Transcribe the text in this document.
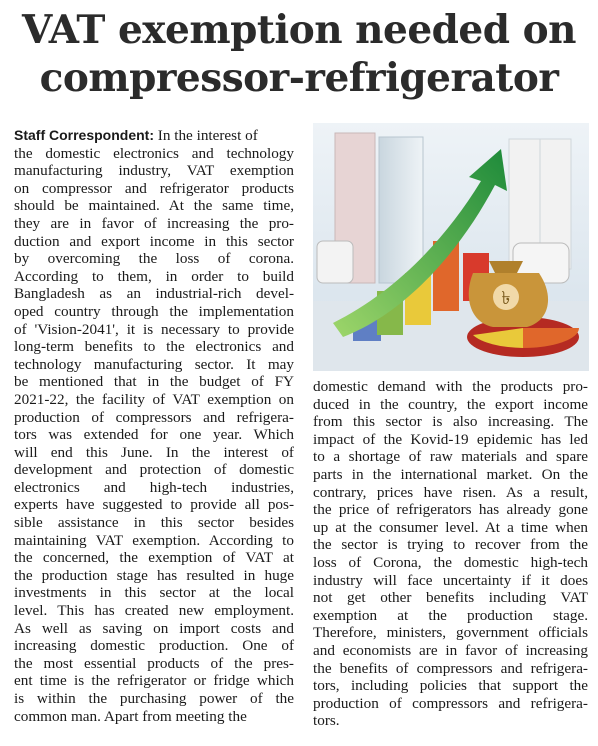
VAT exemption needed on
compressor-refrigerator
Staff Correspondent: In the interest of
the domestic electronics and technology
manufacturing industry, VAT exemption
on compressor and refrigerator products
should be maintained. At the same time,
they are in favor of increasing the pro-
duction and export income in this sector
by overcoming the loss of corona.
According to them, in order to build
Bangladesh as an industrial-rich devel-
oped country through the implementation
of 'Vision-2041', it is necessary to provide
long-term benefits to the electronics and
technology manufacturing sector. It may
be mentioned that in the budget of FY
2021-22, the facility of VAT exemption on
production of compressors and refrigera-
tors was extended for one year. Which
will end this June. In the interest of
development and protection of domestic
electronics and high-tech industries,
experts have suggested to provide all pos-
sible assistance in this sector besides
maintaining VAT exemption. According to
the concerned, the exemption of VAT at
the production stage has resulted in huge
investments in this sector at the local
level. This has created new employment.
As well as saving on import costs and
increasing domestic production. One of
the most essential products of the pres-
ent time is the refrigerator or fridge which
is within the purchasing power of the
common man. Apart from meeting the
৳
domestic demand with the products pro-
duced in the country, the export income
from this sector is also increasing. The
impact of the Kovid-19 epidemic has led
to a shortage of raw materials and spare
parts in the international market. On the
contrary, prices have risen. As a result,
the price of refrigerators has already gone
up at the consumer level. At a time when
the sector is trying to recover from the
loss of Corona, the domestic high-tech
industry will face uncertainty if it does
not get other benefits including VAT
exemption at the production stage.
Therefore, ministers, government officials
and economists are in favor of increasing
the benefits of compressors and refrigera-
tors, including policies that support the
production of compressors and refrigera-
tors.
